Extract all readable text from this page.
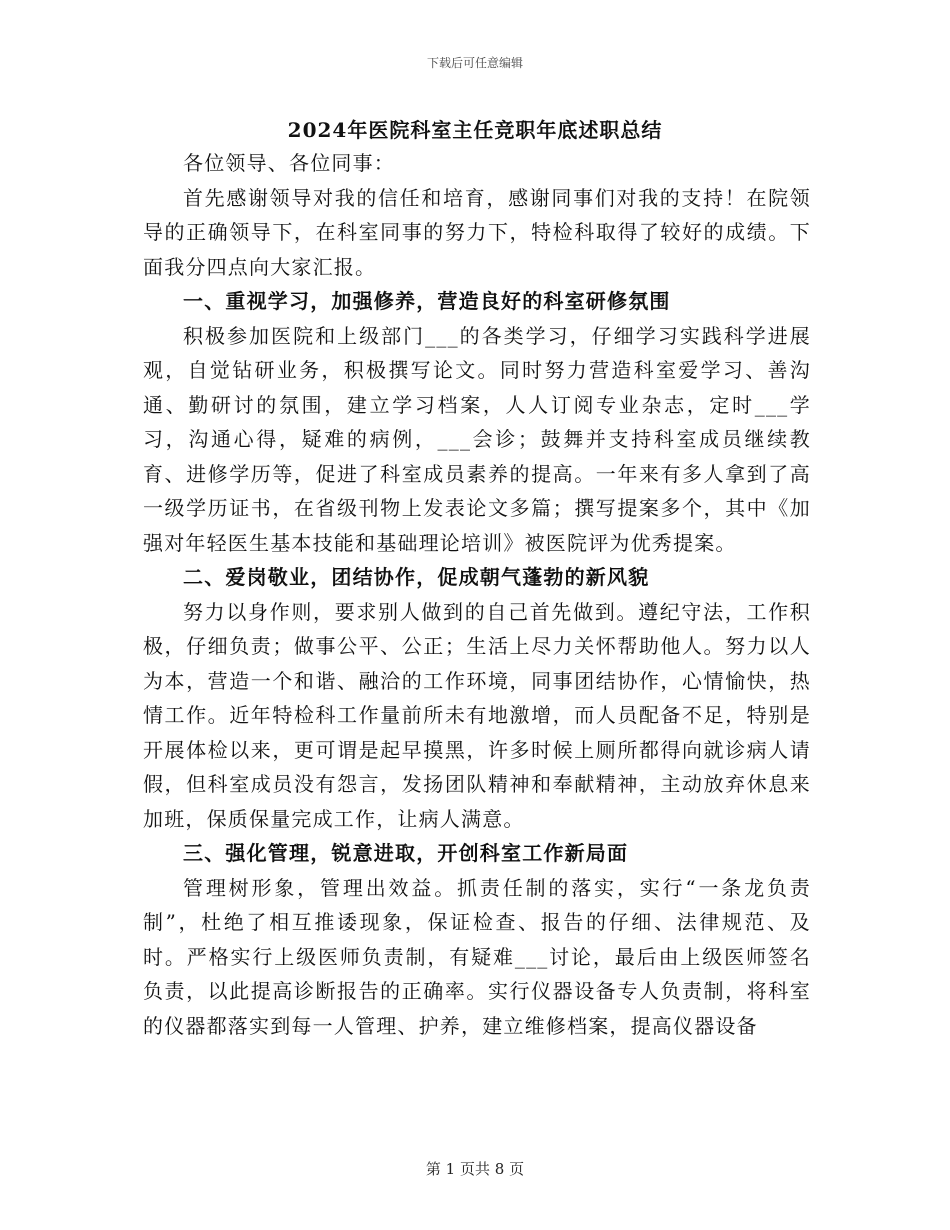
下载后可任意编辑
2024年医院科室主任竞职年底述职总结

各位领导、各位同事：

首先感谢领导对我的信任和培育，感谢同事们对我的支持！在院领导的正确领导下，在科室同事的努力下，特检科取得了较好的成绩。下面我分四点向大家汇报。

一、重视学习，加强修养，营造良好的科室研修氛围

积极参加医院和上级部门___的各类学习，仔细学习实践科学进展观，自觉钻研业务，积极撰写论文。同时努力营造科室爱学习、善沟通、勤研讨的氛围，建立学习档案，人人订阅专业杂志，定时___学习，沟通心得，疑难的病例，___会诊；鼓舞并支持科室成员继续教育、进修学历等，促进了科室成员素养的提高。一年来有多人拿到了高一级学历证书，在省级刊物上发表论文多篇；撰写提案多个，其中《加强对年轻医生基本技能和基础理论培训》被医院评为优秀提案。

二、爱岗敬业，团结协作，促成朝气蓬勃的新风貌

努力以身作则，要求别人做到的自己首先做到。遵纪守法，工作积极，仔细负责；做事公平、公正；生活上尽力关怀帮助他人。努力以人为本，营造一个和谐、融洽的工作环境，同事团结协作，心情愉快，热情工作。近年特检科工作量前所未有地激增，而人员配备不足，特别是开展体检以来，更可谓是起早摸黑，许多时候上厕所都得向就诊病人请假，但科室成员没有怨言，发扬团队精神和奉献精神，主动放弃休息来加班，保质保量完成工作，让病人满意。

三、强化管理，锐意进取，开创科室工作新局面

管理树形象，管理出效益。抓责任制的落实，实行“一条龙负责制”，杜绝了相互推诿现象，保证检查、报告的仔细、法律规范、及时。严格实行上级医师负责制，有疑难___讨论，最后由上级医师签名负责，以此提高诊断报告的正确率。实行仪器设备专人负责制，将科室的仪器都落实到每一人管理、护养，建立维修档案，提高仪器设备

第 1 页共 8 页
